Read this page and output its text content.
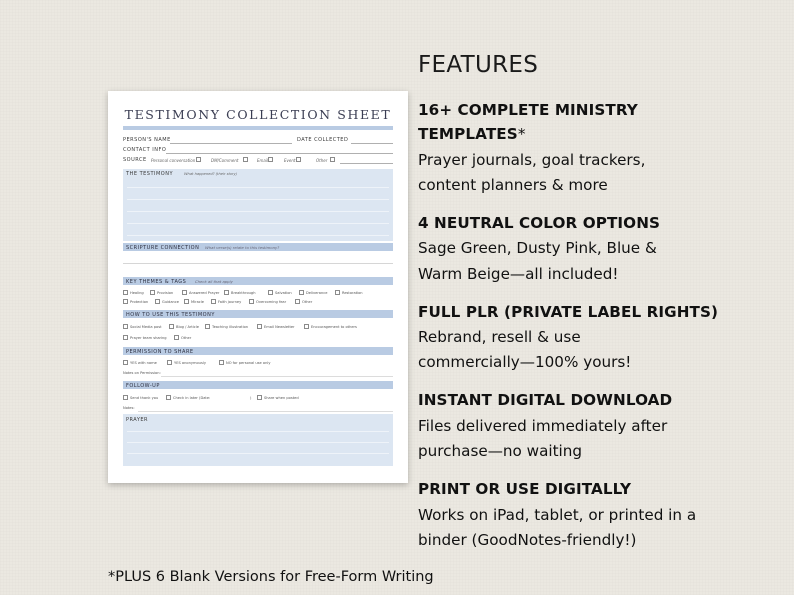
TESTIMONY COLLECTION SHEET
PERSON'S NAME	DATE COLLECTED
CONTACT INFO
SOURCE Personal conversation	DM/Comment	Email	Event	Other
THE TESTIMONY	What happened? (their story)
SCRIPTURE CONNECTION What verse(s) relate to this testimony?
KEY THEMES & TAGS Check all that apply
Healing	Provision	Answered Prayer	Breakthrough	Salvation	Deliverance	Restoration
Protection	Guidance	Miracle	Faith journey	Overcoming fear	Other
HOW TO USE THIS TESTIMONY
Social Media post	Blog / Article	Teaching illustration	Email Newsletter	Encouragement to others
Prayer team sharing	Other
PERMISSION TO SHARE
YES with name	YES anonymously	NO for personal use only
Notes on Permission:
FOLLOW-UP
Send thank you	Check in later (Date:	)	Share when posted
Notes:
PRAYER
FEATURES
16+ COMPLETE MINISTRY
TEMPLATES*
Prayer journals, goal trackers,
content planners & more
4 NEUTRAL COLOR OPTIONS
Sage Green, Dusty Pink, Blue &
Warm Beige—all included!
FULL PLR (PRIVATE LABEL RIGHTS)
Rebrand, resell & use
commercially—100% yours!
INSTANT DIGITAL DOWNLOAD
Files delivered immediately after
purchase—no waiting
PRINT OR USE DIGITALLY
Works on iPad, tablet, or printed in a
binder (GoodNotes-friendly!)
*PLUS 6 Blank Versions for Free-Form Writing
